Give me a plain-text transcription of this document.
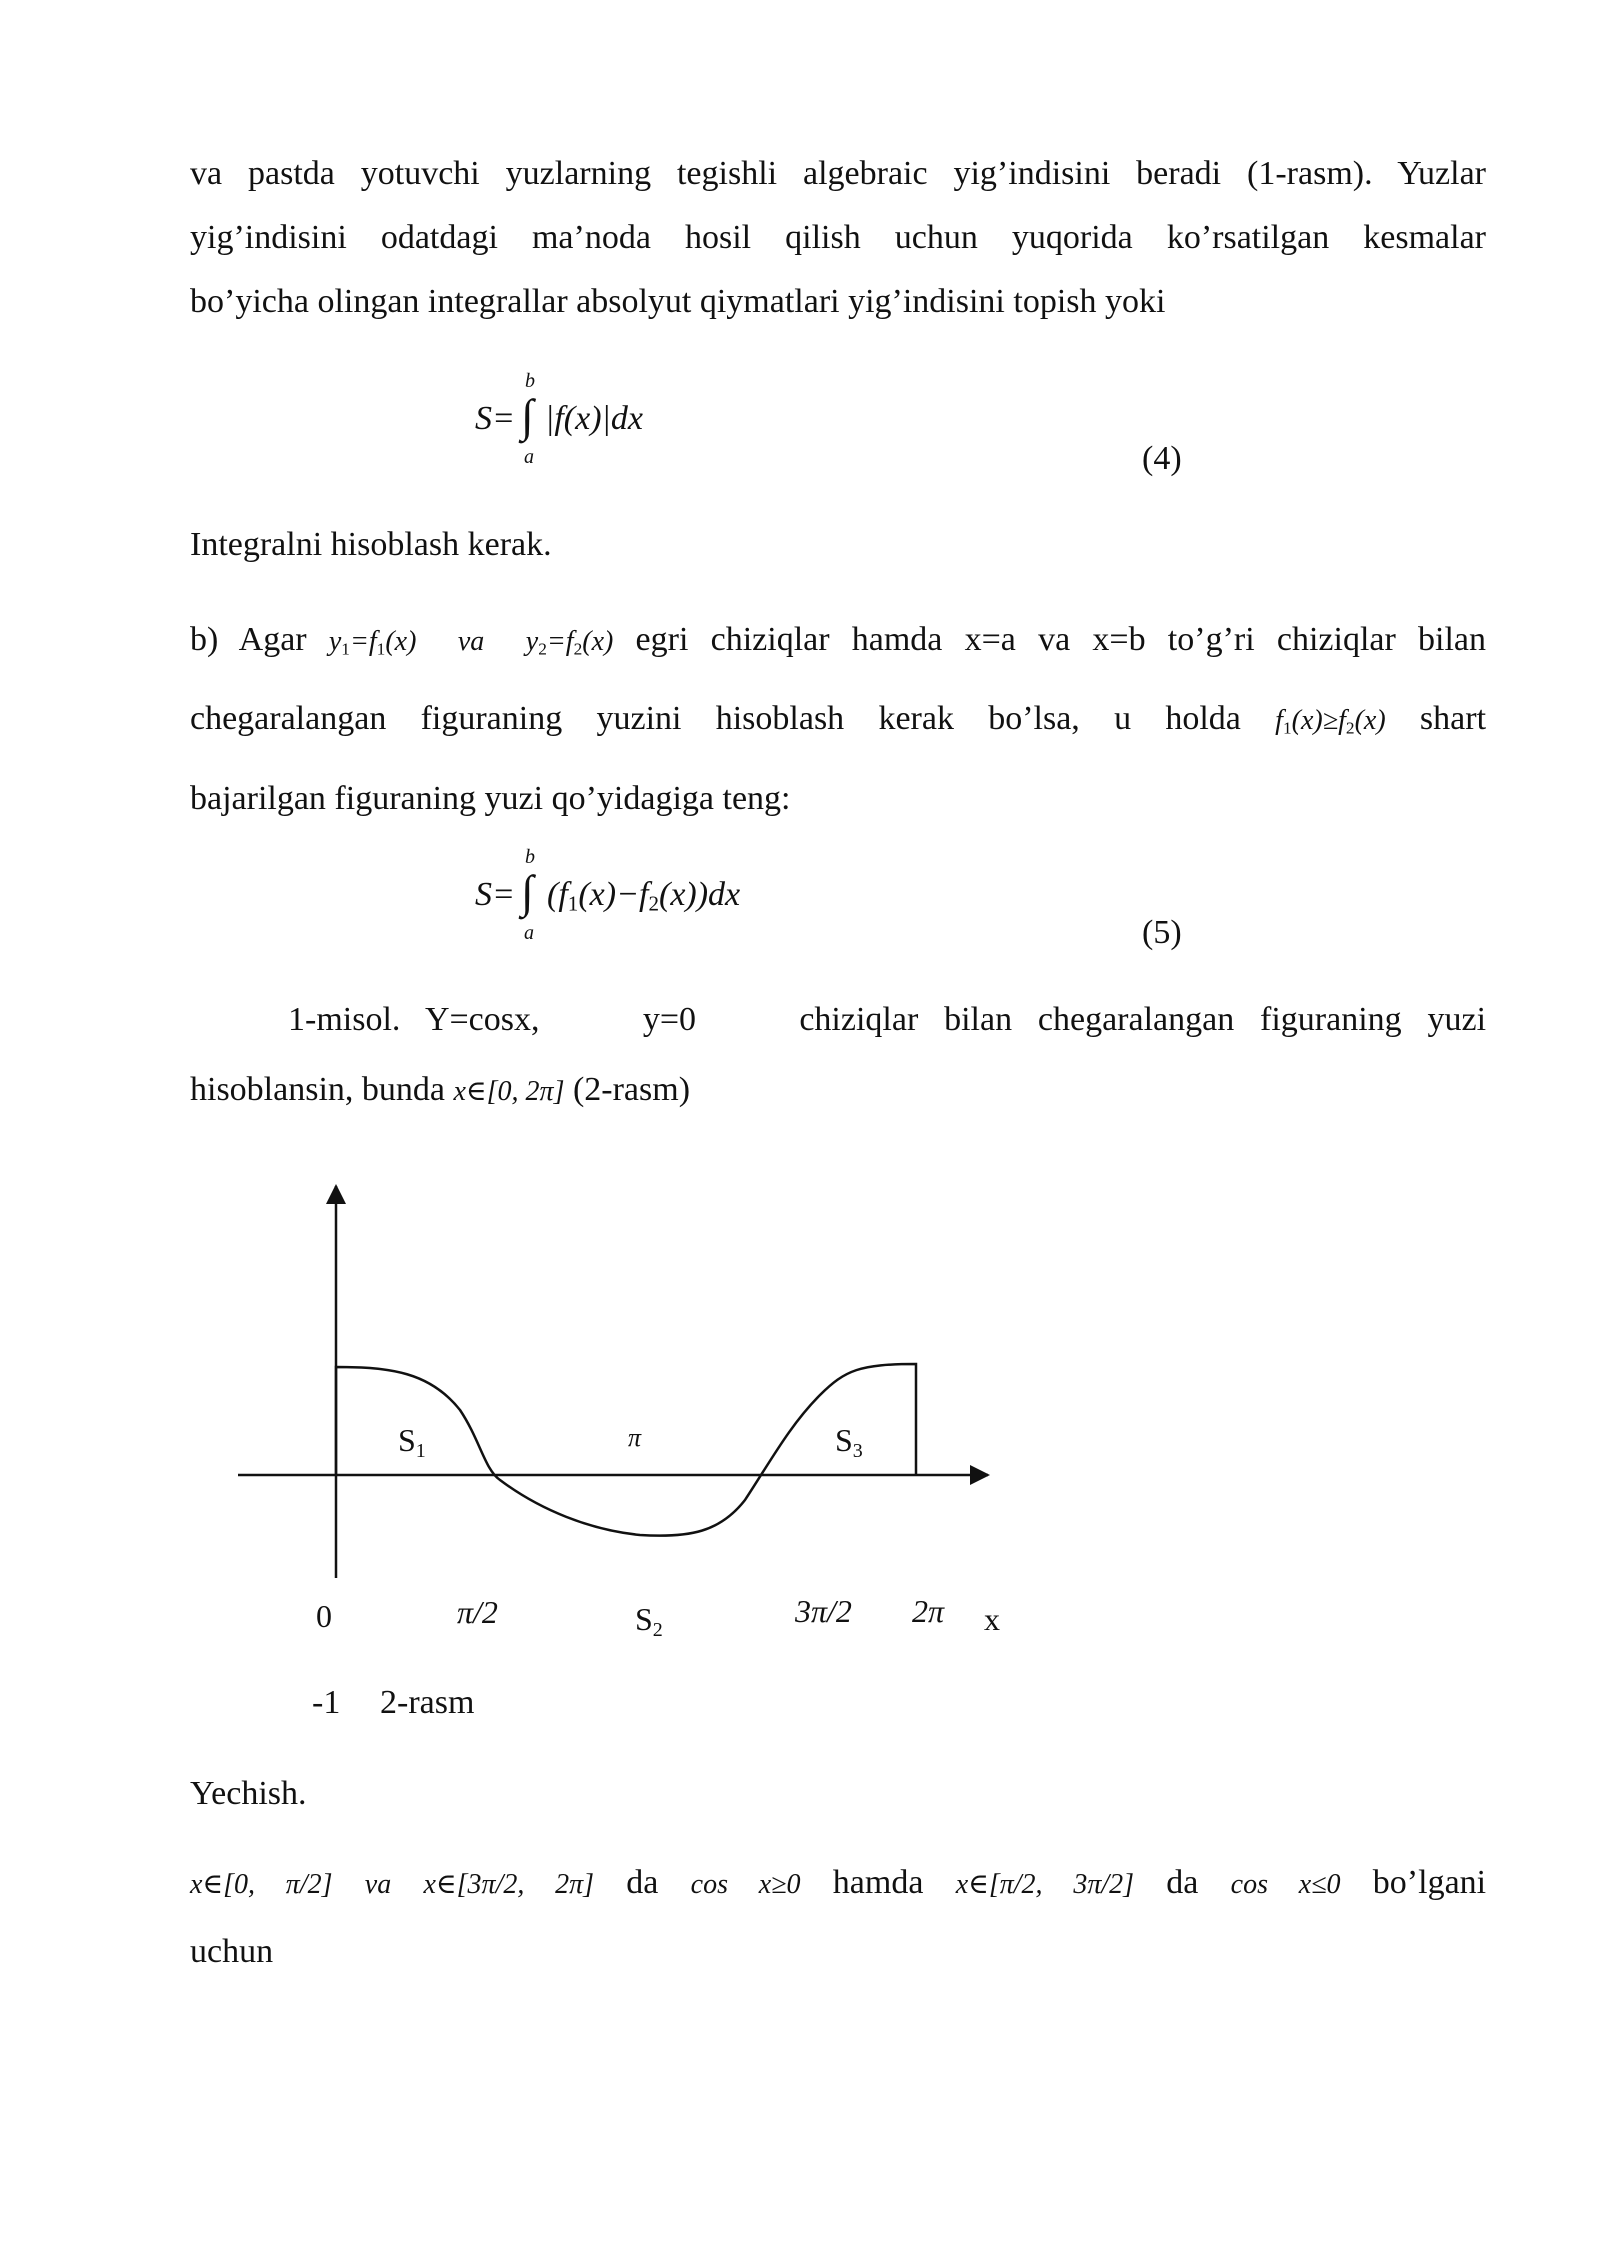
va pastda yotuvchi yuzlarning tegishli algebraic yig’indisini beradi (1-rasm). Yuzlar

yig’indisini odatdagi ma’noda hosil qilish uchun yuqorida ko’rsatilgan kesmalar

bo’yicha olingan integrallar absolyut qiymatlari yig’indisini topish yoki

S= ∫
b
a
|f(x)|dx
(4)

Integralni hisoblash kerak.

b) Agar $y_1=f_1(x)$ va $y_2=f_2(x)$ egri chiziqlar hamda x=a va x=b to’g’ri chiziqlar bilan

chegaralangan figuraning yuzini hisoblash kerak bo’lsa, u holda $f_1(x)\ge f_2(x)$ shart

bajarilgan figuraning yuzi qo’yidagiga teng:

S= ∫
b
a
$(f_1(x)-f_2(x))dx$
(5)

1-misol. Y=cosx,	y=0	chiziqlar bilan chegaralangan figuraning yuzi

hisoblansin, bunda x∈[0, 2π] (2-rasm)

S1	π	S3
0	π/2	S2
3π/2 2π x
-1 2-rasm

Yechish.

x∈[0, π/2] va x∈[3π/2, 2π] da cos x≥0 hamda x∈[π/2, 3π/2] da cos x≤0 bo’lgani

uchun
